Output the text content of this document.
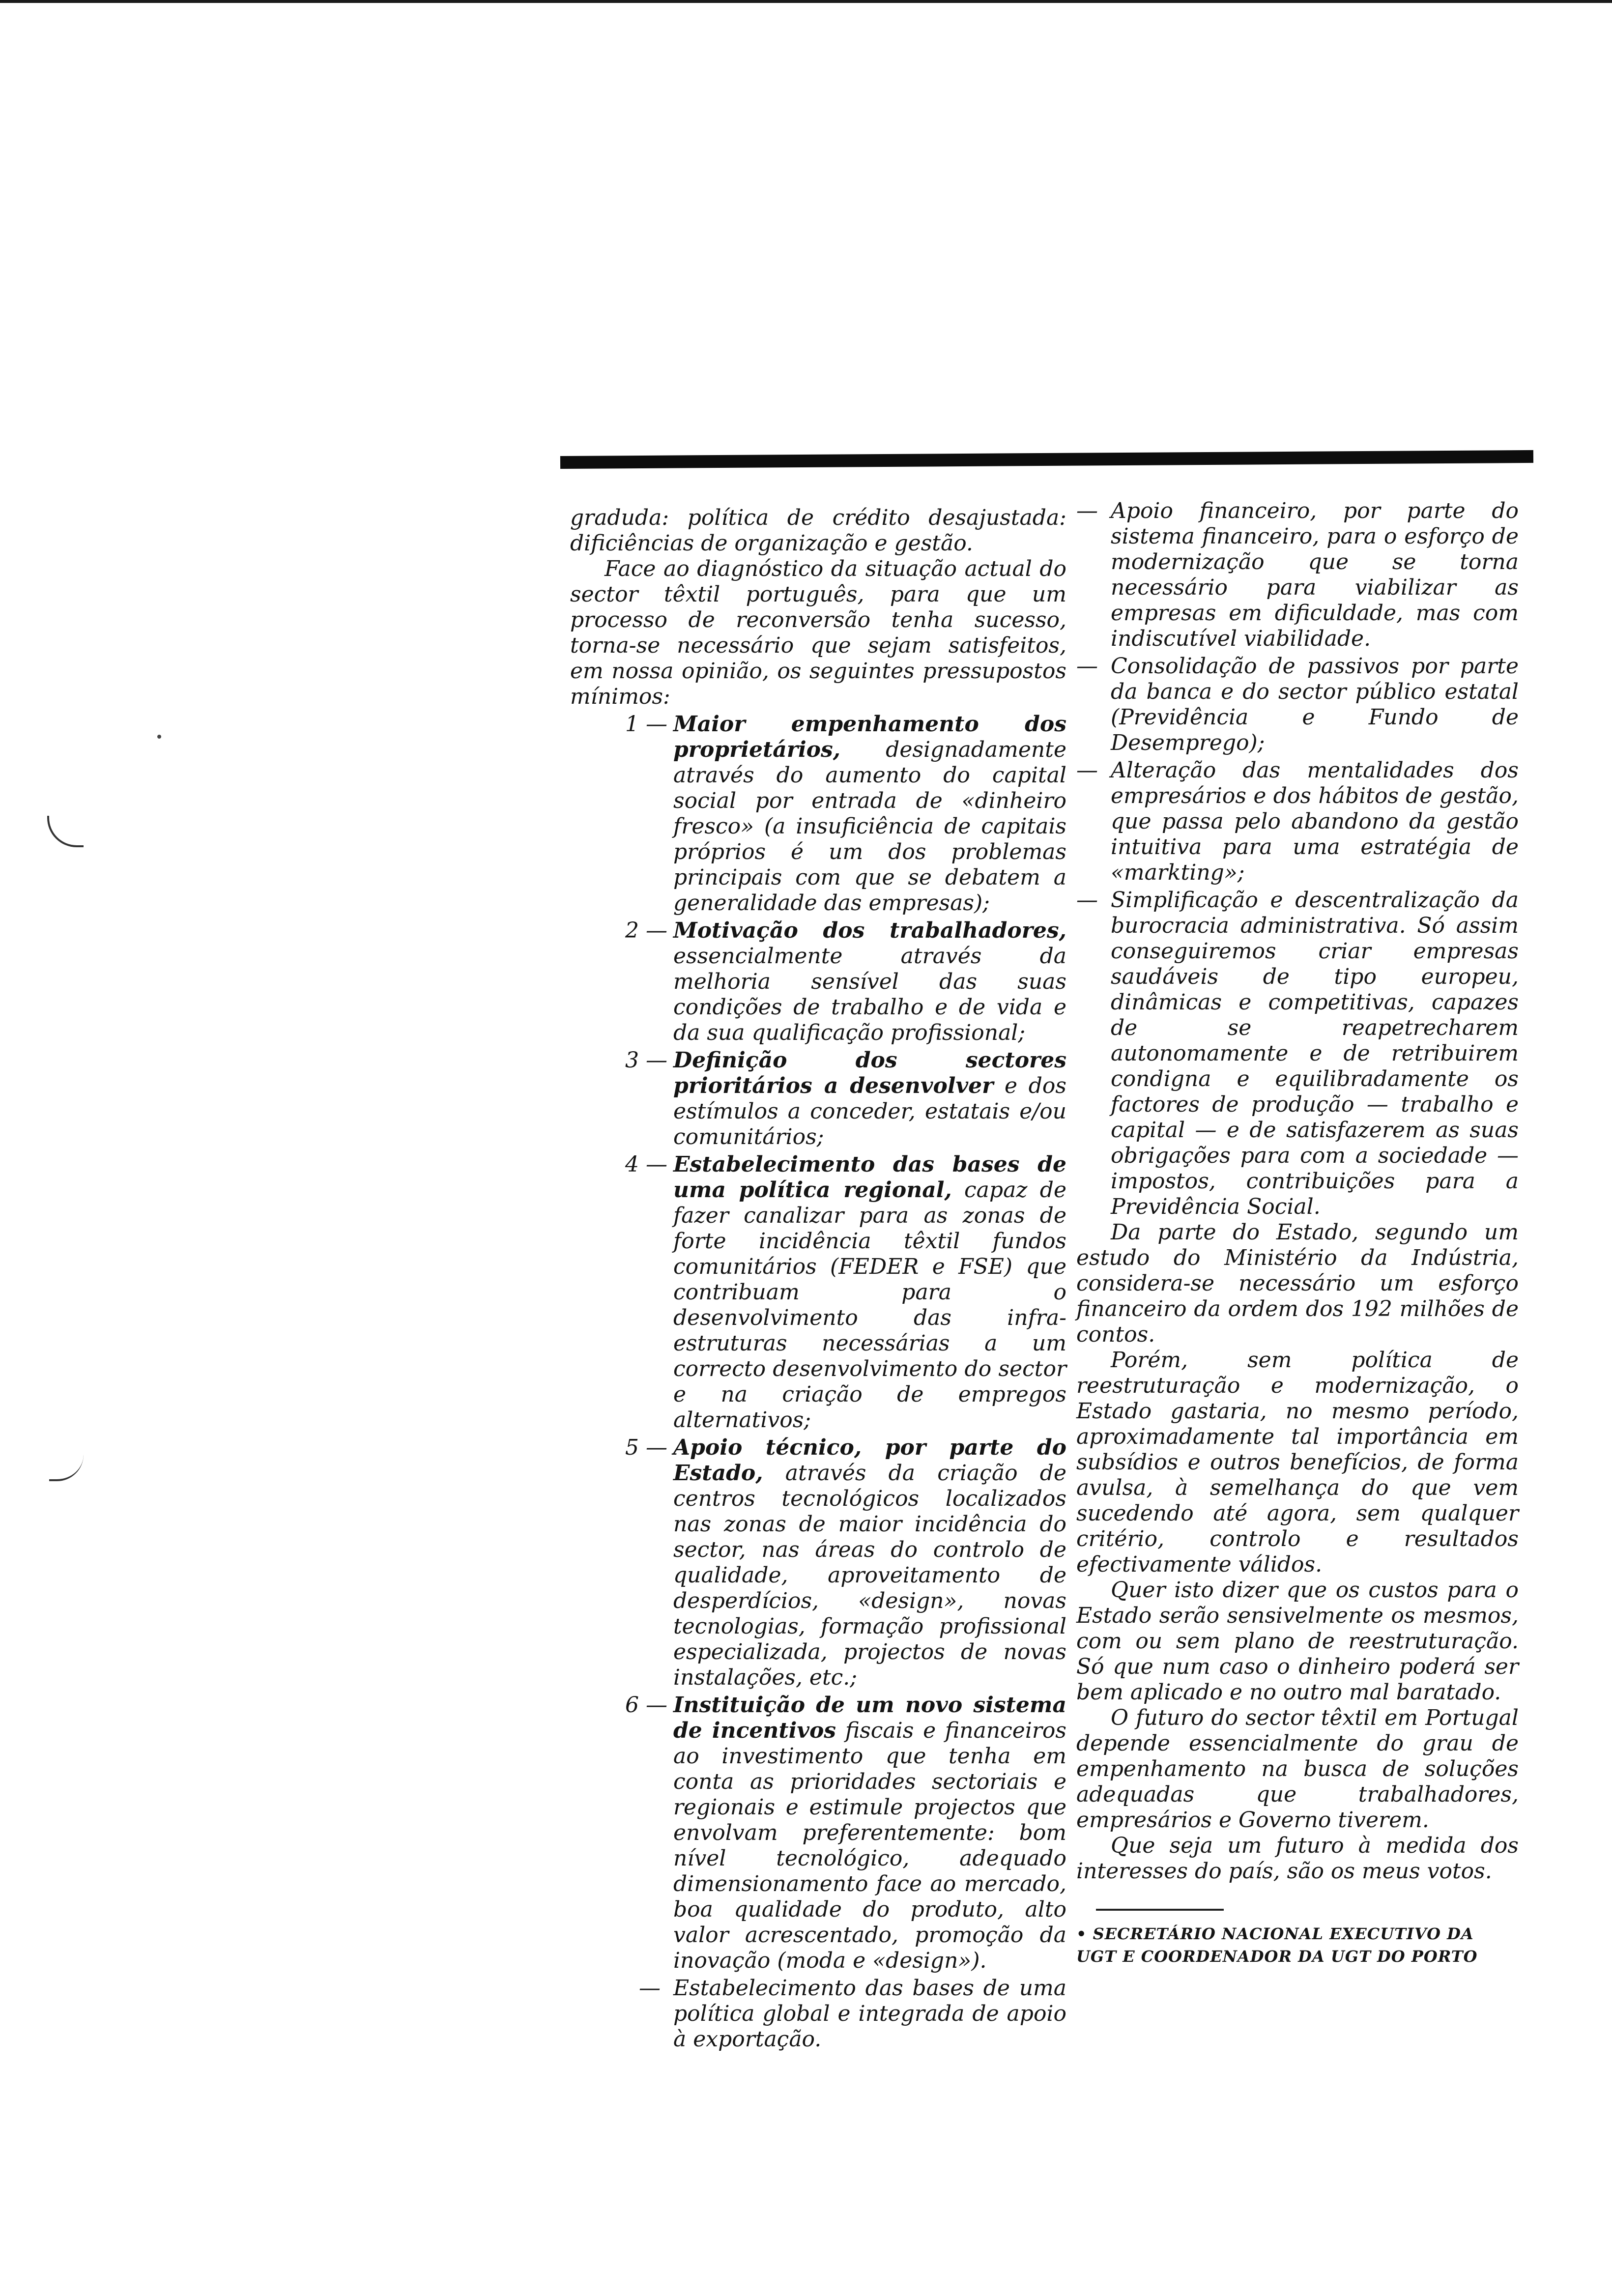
graduda: política de crédito desajustada: dificiências de organização e gestão.

Face ao diagnóstico da situação actual do sector têxtil português, para que um processo de reconversão tenha sucesso, torna-se necessário que sejam satisfeitos, em nossa opinião, os seguintes pressupostos mínimos:

1 — Maior empenhamento dos proprietários, designadamente através do aumento do capital social por entrada de «dinheiro fresco» (a insuficiência de capitais próprios é um dos problemas principais com que se debatem a generalidade das empresas);
2 — Motivação dos trabalhadores, essencialmente através da melhoria sensível das suas condições de trabalho e de vida e da sua qualificação profissional;
3 — Definição dos sectores prioritários a desenvolver e dos estímulos a conceder, estatais e/ou comunitários;
4 — Estabelecimento das bases de uma política regional, capaz de fazer canalizar para as zonas de forte incidência têxtil fundos comunitários (FEDER e FSE) que contribuam para o desenvolvimento das infra-estruturas necessárias a um correcto desenvolvimento do sector e na criação de empregos alternativos;
5 — Apoio técnico, por parte do Estado, através da criação de centros tecnológicos localizados nas zonas de maior incidência do sector, nas áreas do controlo de qualidade, aproveitamento de desperdícios, «design», novas tecnologias, formação profissional especializada, projectos de novas instalações, etc.;
6 — Instituição de um novo sistema de incentivos fiscais e financeiros ao investimento que tenha em conta as prioridades sectoriais e regionais e estimule projectos que envolvam preferentemente: bom nível tecnológico, adequado dimensionamento face ao mercado, boa qualidade do produto, alto valor acrescentado, promoção da inovação (moda e «design»).
— Estabelecimento das bases de uma política global e integrada de apoio à exportação.
— Apoio financeiro, por parte do sistema financeiro, para o esforço de modernização que se torna necessário para viabilizar as empresas em dificuldade, mas com indiscutível viabilidade.
— Consolidação de passivos por parte da banca e do sector público estatal (Previdência e Fundo de Desemprego);
— Alteração das mentalidades dos empresários e dos hábitos de gestão, que passa pelo abandono da gestão intuitiva para uma estratégia de «markting»;
— Simplificação e descentralização da burocracia administrativa. Só assim conseguiremos criar empresas saudáveis de tipo europeu, dinâmicas e competitivas, capazes de se reapetrecharem autonomamente e de retribuirem condigna e equilibradamente os factores de produção — trabalho e capital — e de satisfazerem as suas obrigações para com a sociedade — impostos, contribuições para a Previdência Social.

Da parte do Estado, segundo um estudo do Ministério da Indústria, considera-se necessário um esforço financeiro da ordem dos 192 milhões de contos.

Porém, sem política de reestruturação e modernização, o Estado gastaria, no mesmo período, aproximadamente tal importância em subsídios e outros benefícios, de forma avulsa, à semelhança do que vem sucedendo até agora, sem qualquer critério, controlo e resultados efectivamente válidos.

Quer isto dizer que os custos para o Estado serão sensivelmente os mesmos, com ou sem plano de reestruturação. Só que num caso o dinheiro poderá ser bem aplicado e no outro mal baratado.

O futuro do sector têxtil em Portugal depende essencialmente do grau de empenhamento na busca de soluções adequadas que trabalhadores, empresários e Governo tiverem.

Que seja um futuro à medida dos interesses do país, são os meus votos.

• SECRETÁRIO NACIONAL EXECUTIVO DA UGT E COORDENADOR DA UGT DO PORTO
